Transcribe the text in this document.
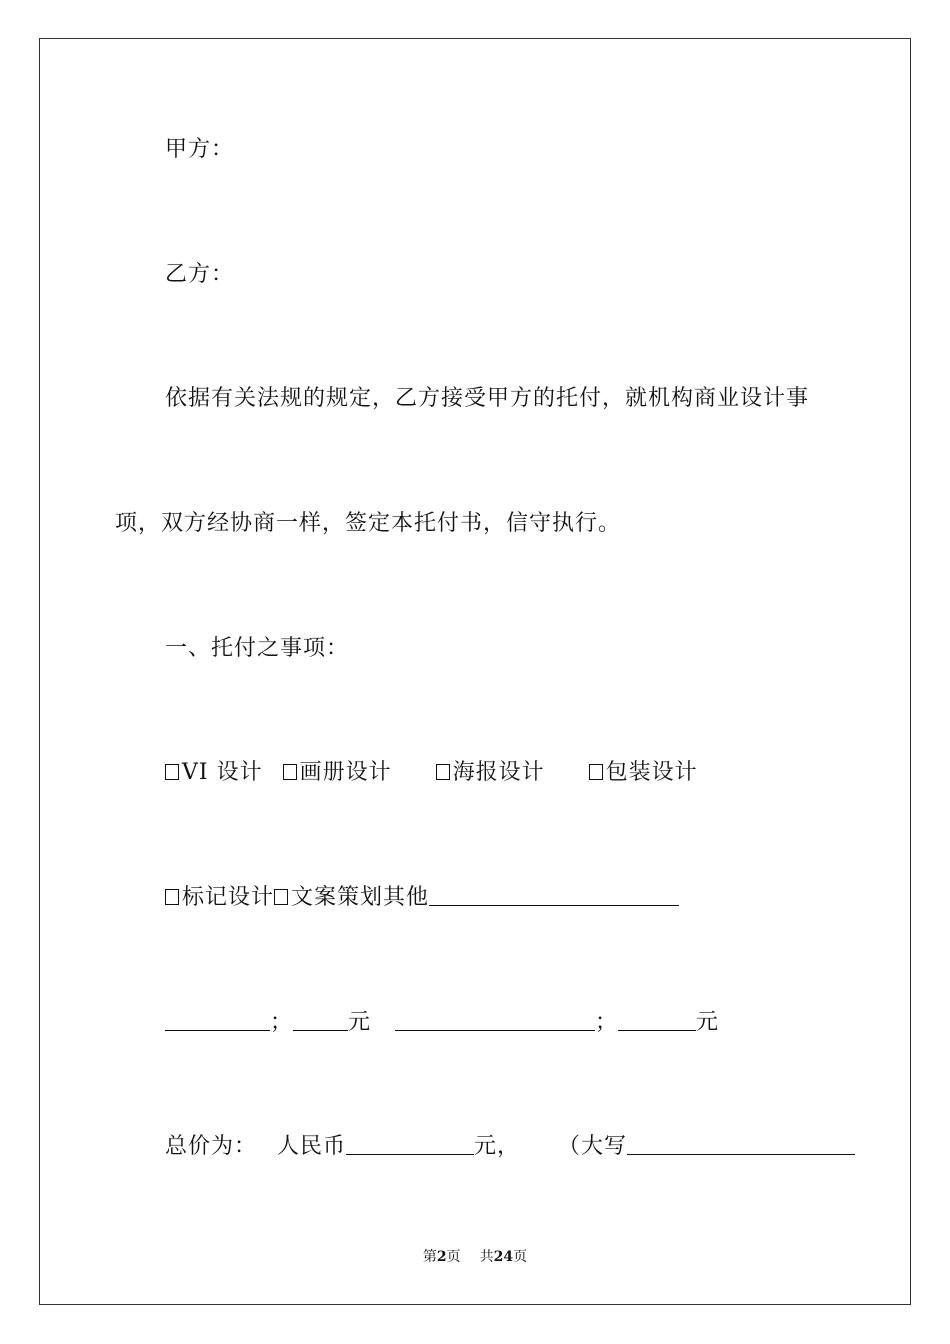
甲方：
乙方：
依据有关法规的规定，乙方接受甲方的托付，就机构商业设计事
项，双方经协商一样，签定本托付书，信守执行。
一、托付之事项：
VI 设计 画册设计	海报设计	包装设计
标记设计 文案策划其他
；	元	；	元
总价为： 人民币	元， （大写
第2页 共24页
